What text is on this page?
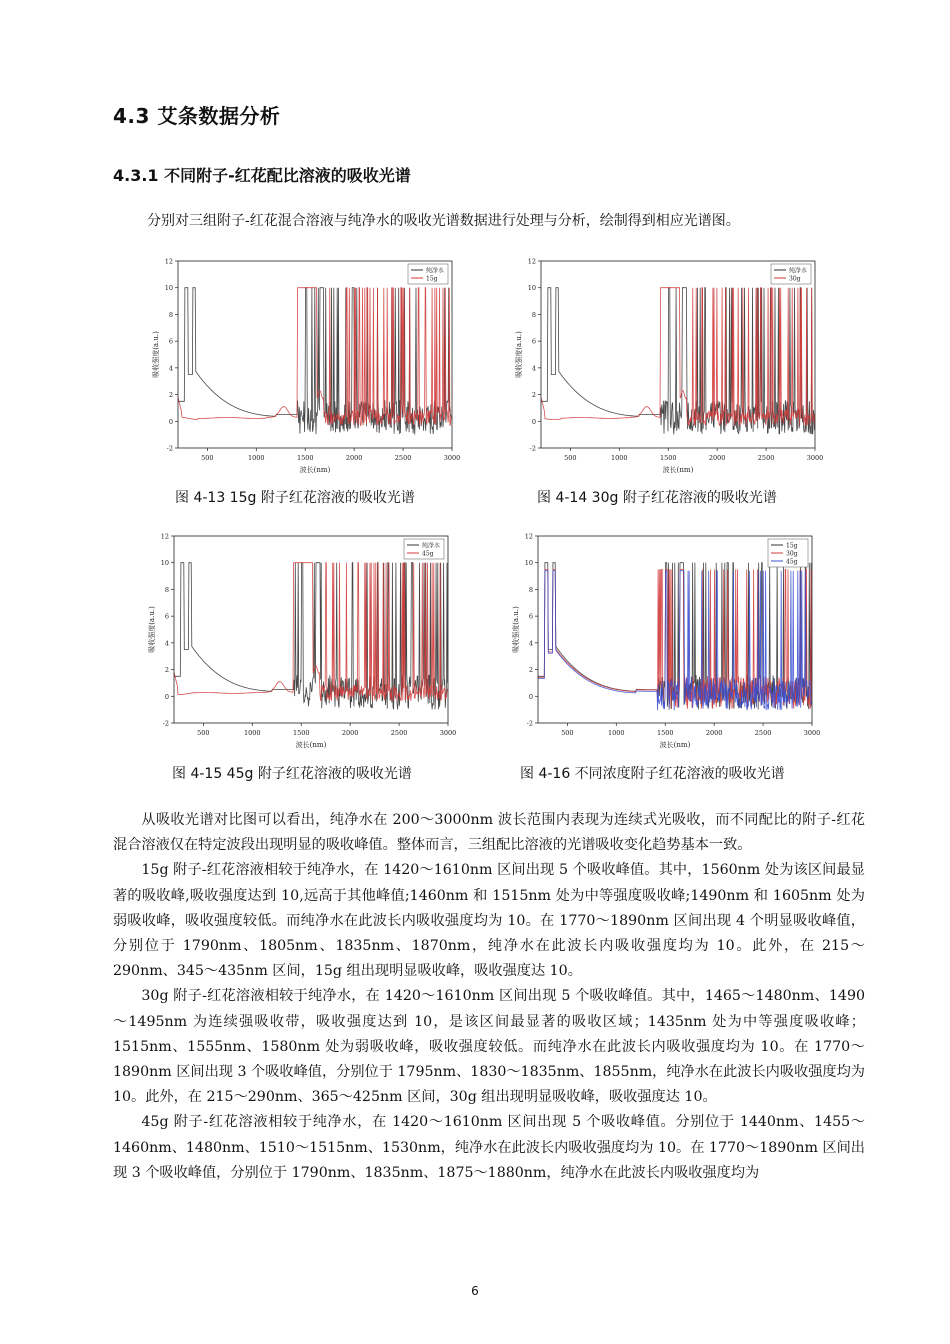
4.3 艾条数据分析
4.3.1 不同附子-红花配比溶液的吸收光谱
分别对三组附子-红花混合溶液与纯净水的吸收光谱数据进行处理与分析，绘制得到相应光谱图。
500	1000	1500	2000	2500	3000
-2
0
2
4
6
8
10
12
波长(nm)
吸收强度(a.u.)
纯净水
15g
500	1000	1500	2000	2500	3000
-2
0
2
4
6
8
10
12
波长(nm)
吸收强度(a.u.)
纯净水
30g
500	1000	1500	2000	2500	3000
-2
0
2
4
6
8
10
12
波长(nm)
吸收强度(a.u.)
纯净水
45g
500	1000	1500	2000	2500	3000
-2
0
2
4
6
8
10
12
波长(nm)
吸收强度(a.u.)
15g
30g
45g
图 4-13 15g 附子红花溶液的吸收光谱	图 4-14 30g 附子红花溶液的吸收光谱
图 4-15 45g 附子红花溶液的吸收光谱	图 4-16 不同浓度附子红花溶液的吸收光谱

从吸收光谱对比图可以看出，纯净水在 200～3000nm 波长范围内表现为连续式光吸收，而不同配比的附子-红花混合溶液仅在特定波段出现明显的吸收峰值。整体而言，三组配比溶液的光谱吸收变化趋势基本一致。

15g 附子-红花溶液相较于纯净水，在 1420～1610nm 区间出现 5 个吸收峰值。其中，1560nm 处为该区间最显著的吸收峰,吸收强度达到 10,远高于其他峰值;1460nm 和 1515nm 处为中等强度吸收峰;1490nm 和 1605nm 处为弱吸收峰，吸收强度较低。而纯净水在此波长内吸收强度均为 10。在 1770～1890nm 区间出现 4 个明显吸收峰值，分别位于 1790nm、1805nm、1835nm、1870nm，纯净水在此波长内吸收强度均为 10。此外，在 215～290nm、345～435nm 区间，15g 组出现明显吸收峰，吸收强度达 10。

30g 附子-红花溶液相较于纯净水，在 1420～1610nm 区间出现 5 个吸收峰值。其中，1465～1480nm、1490～1495nm 为连续强吸收带，吸收强度达到 10，是该区间最显著的吸收区域；1435nm 处为中等强度吸收峰；1515nm、1555nm、1580nm 处为弱吸收峰，吸收强度较低。而纯净水在此波长内吸收强度均为 10。在 1770～1890nm 区间出现 3 个吸收峰值，分别位于 1795nm、1830～1835nm、1855nm，纯净水在此波长内吸收强度均为 10。此外，在 215～290nm、365～425nm 区间，30g 组出现明显吸收峰，吸收强度达 10。

45g 附子-红花溶液相较于纯净水，在 1420～1610nm 区间出现 5 个吸收峰值。分别位于 1440nm、1455～1460nm、1480nm、1510～1515nm、1530nm，纯净水在此波长内吸收强度均为 10。在 1770～1890nm 区间出现 3 个吸收峰值，分别位于 1790nm、1835nm、1875～1880nm，纯净水在此波长内吸收强度均为

6
